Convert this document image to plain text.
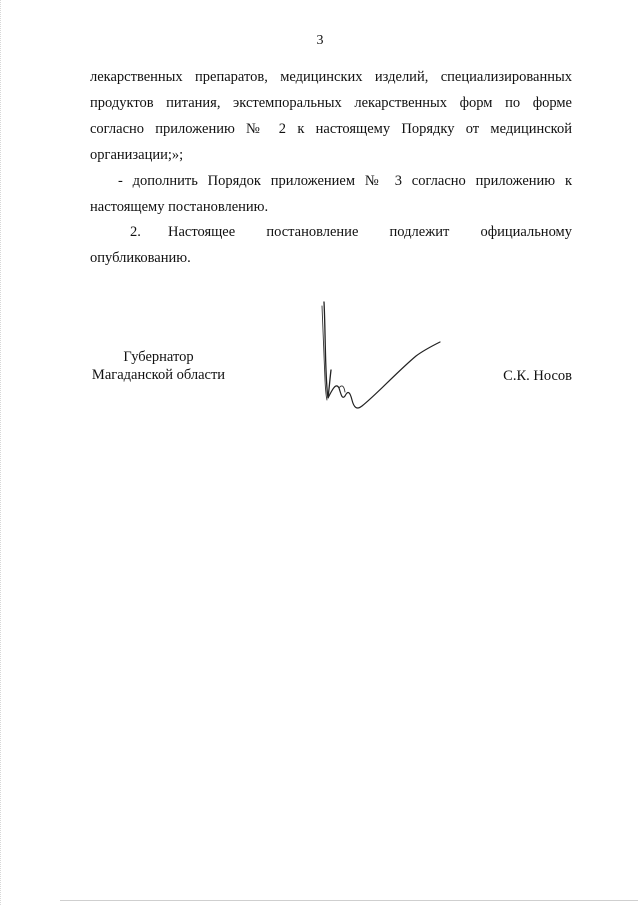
3
лекарственных препаратов, медицинских изделий, специализированных
продуктов питания, экстемпоральных лекарственных форм по форме
согласно приложению № 2 к настоящему Порядку от медицинской
организации;»;
- дополнить Порядок приложением № 3 согласно приложению к
настоящему постановлению.
2.	Настоящее постановление подлежит официальному
опубликованию.
Губернатор
Магаданской области	С.К. Носов
